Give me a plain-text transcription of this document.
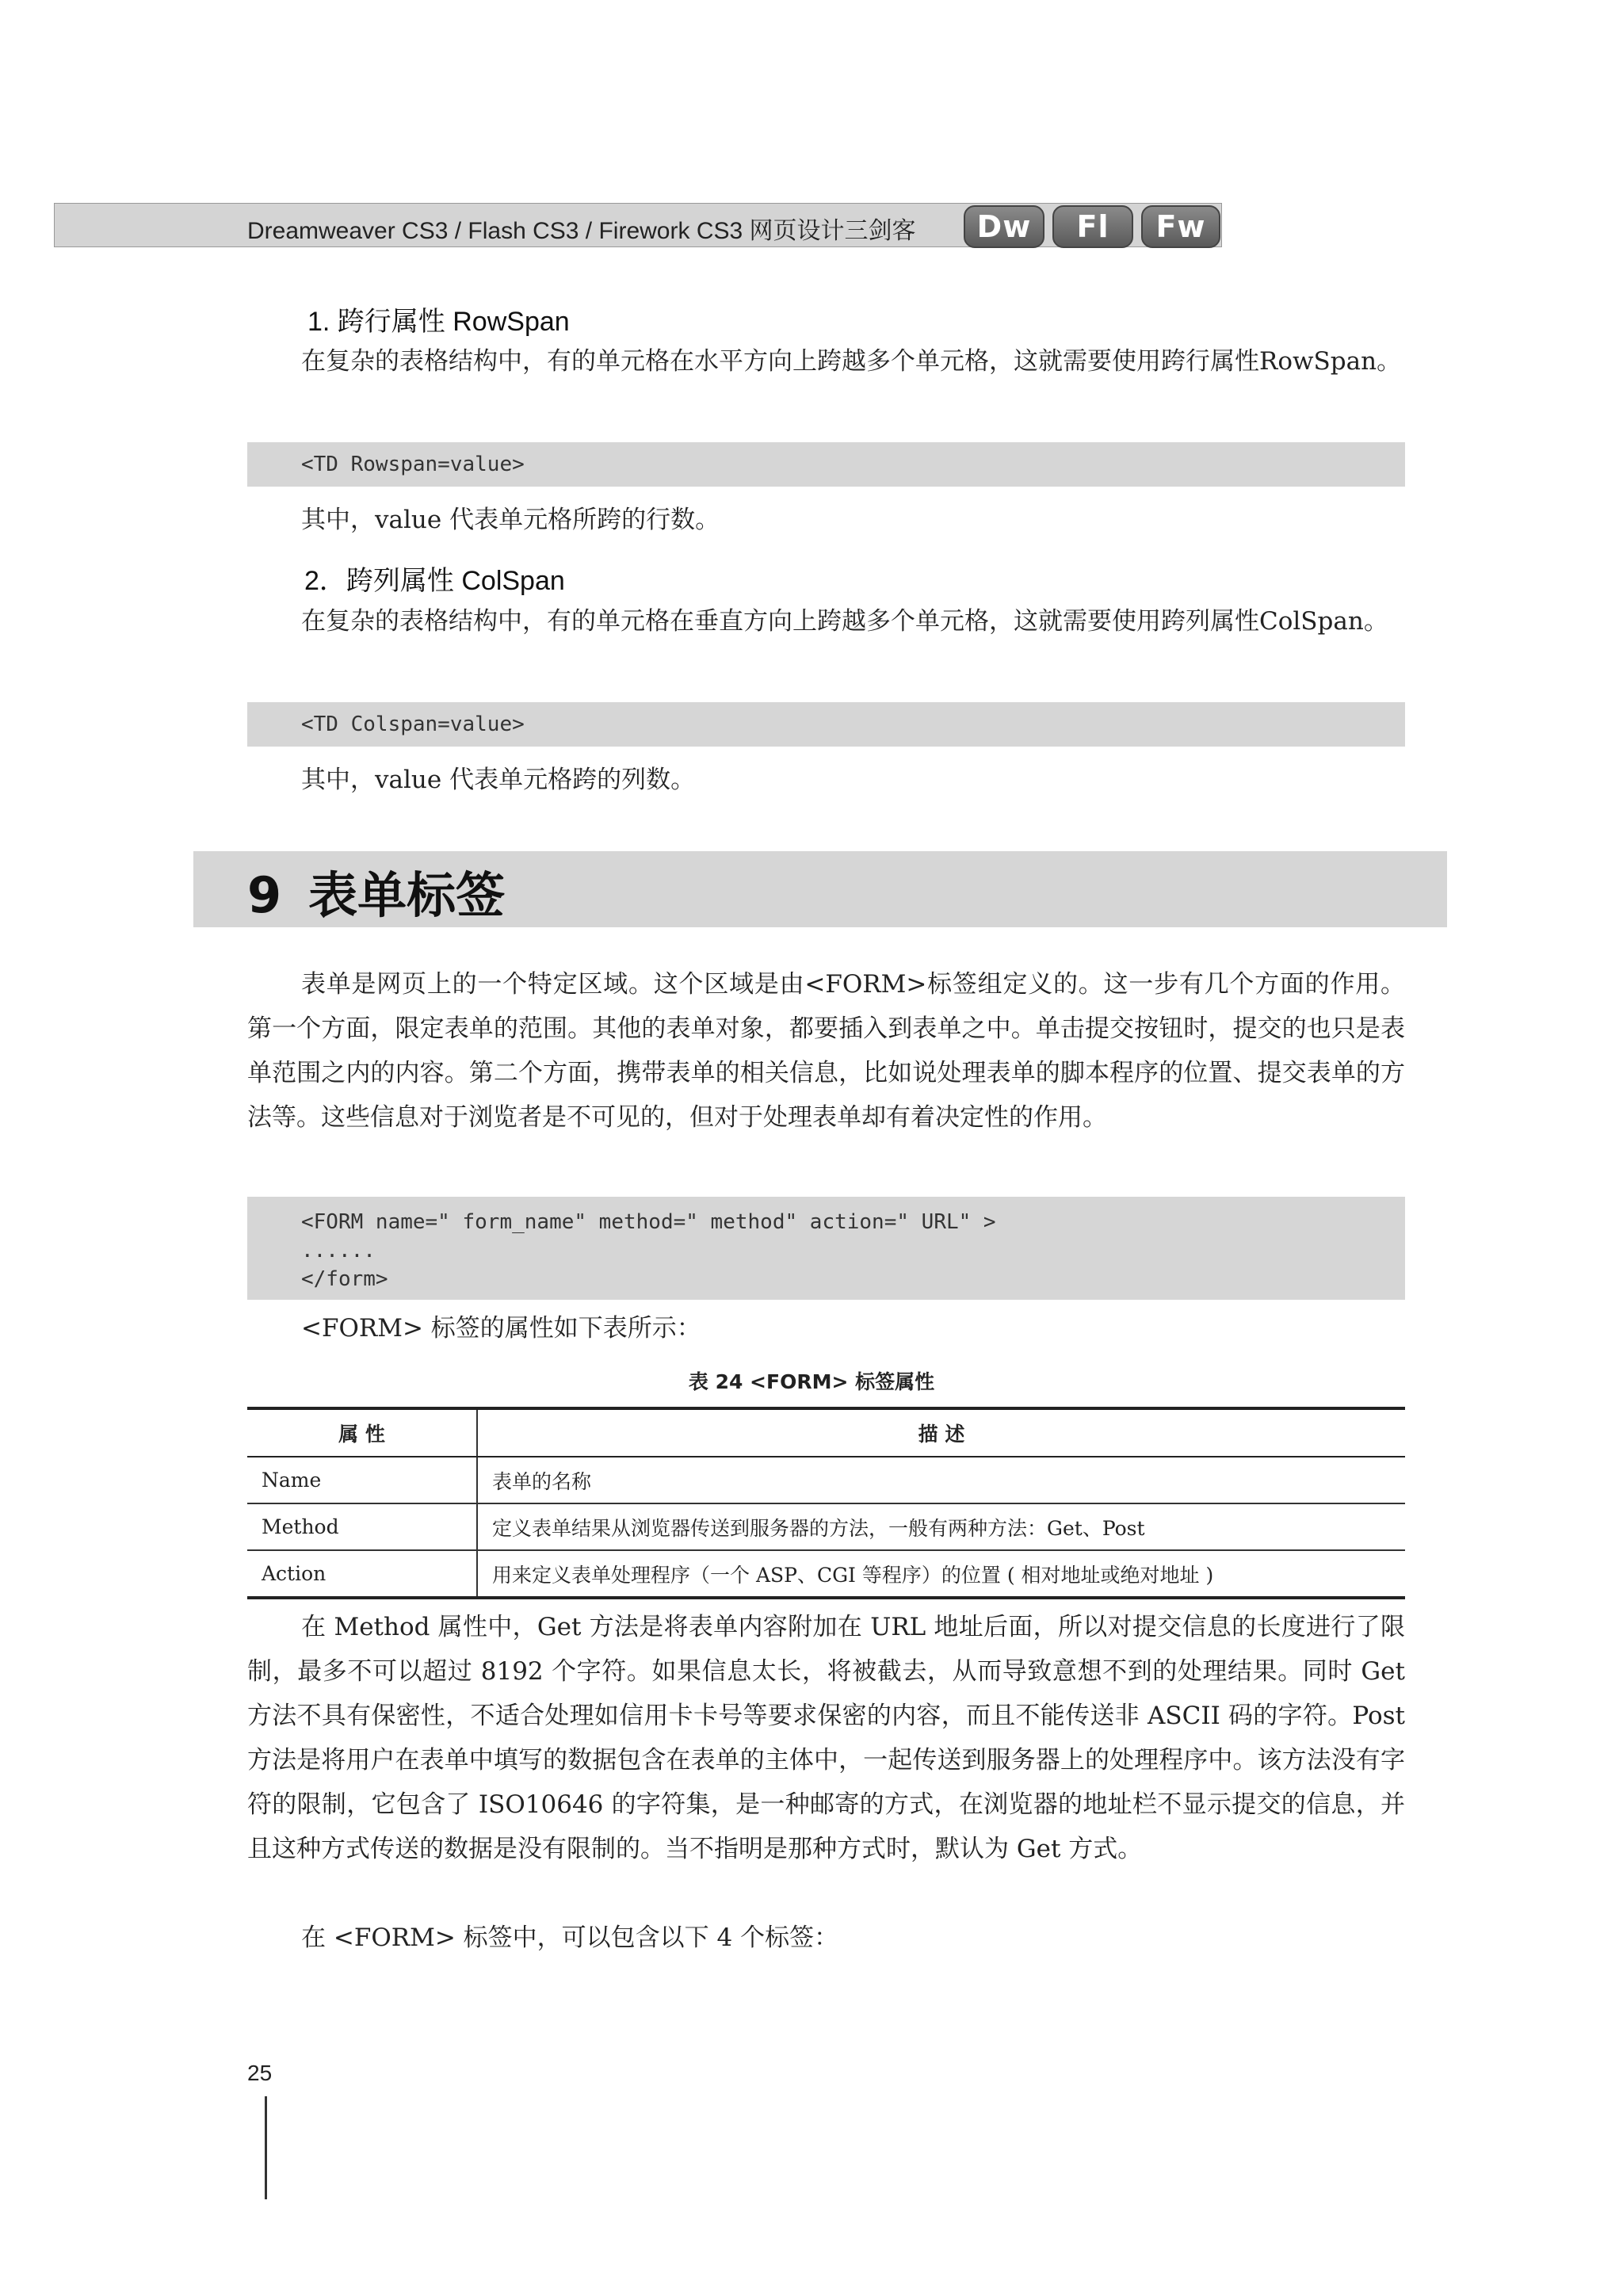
Dreamweaver CS3 / Flash CS3 / Firework CS3 网页设计三剑客	Dw	Fl	Fw
1. 跨行属性 RowSpan
在复杂的表格结构中，有的单元格在水平方向上跨越多个单元格，这就需要使用跨行属性RowSpan。
<TD Rowspan=value>
其中，value 代表单元格所跨的行数。
2．跨列属性 ColSpan
在复杂的表格结构中，有的单元格在垂直方向上跨越多个单元格，这就需要使用跨列属性ColSpan。
<TD Colspan=value>
其中，value 代表单元格跨的列数。
9 表单标签
表单是网页上的一个特定区域。这个区域是由<FORM>标签组定义的。这一步有几个方面的作用。第一个方面，限定表单的范围。其他的表单对象，都要插入到表单之中。单击提交按钮时，提交的也只是表单范围之内的内容。第二个方面，携带表单的相关信息，比如说处理表单的脚本程序的位置、提交表单的方法等。这些信息对于浏览者是不可见的，但对于处理表单却有着决定性的作用。
<FORM name=" form_name" method=" method" action=" URL" >
......
</form>
<FORM> 标签的属性如下表所示：
表 24 <FORM> 标签属性
属 性	描 述
Name	表单的名称
Method	定义表单结果从浏览器传送到服务器的方法，一般有两种方法：Get、Post
Action	用来定义表单处理程序（一个 ASP、CGI 等程序）的位置 ( 相对地址或绝对地址 )
在 Method 属性中，Get 方法是将表单内容附加在 URL 地址后面，所以对提交信息的长度进行了限制，最多不可以超过 8192 个字符。如果信息太长，将被截去，从而导致意想不到的处理结果。同时 Get 方法不具有保密性，不适合处理如信用卡卡号等要求保密的内容，而且不能传送非 ASCII 码的字符。Post 方法是将用户在表单中填写的数据包含在表单的主体中，一起传送到服务器上的处理程序中。该方法没有字符的限制，它包含了 ISO10646 的字符集，是一种邮寄的方式，在浏览器的地址栏不显示提交的信息，并且这种方式传送的数据是没有限制的。当不指明是那种方式时，默认为 Get 方式。
在 <FORM> 标签中，可以包含以下 4 个标签：
25
